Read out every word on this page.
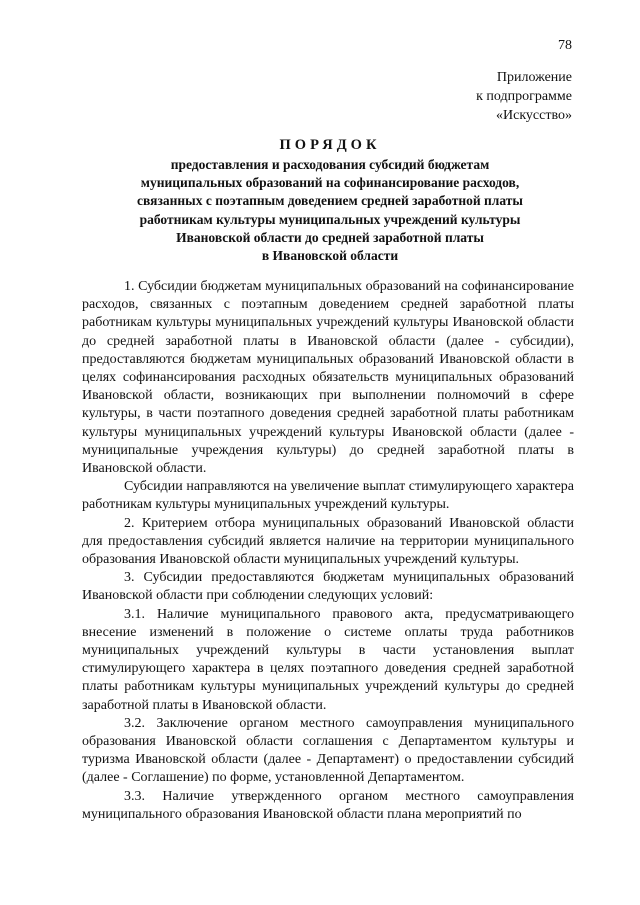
78
Приложение
к подпрограмме
«Искусство»
ПОРЯДОК
предоставления и расходования субсидий бюджетам
муниципальных образований на софинансирование расходов,
связанных с поэтапным доведением средней заработной платы
работникам культуры муниципальных учреждений культуры
Ивановской области до средней заработной платы
в Ивановской области

1. Субсидии бюджетам муниципальных образований на софинансирование расходов, связанных с поэтапным доведением средней заработной платы работникам культуры муниципальных учреждений культуры Ивановской области до средней заработной платы в Ивановской области (далее - субсидии), предоставляются бюджетам муниципальных образований Ивановской области в целях софинансирования расходных обязательств муниципальных образований Ивановской области, возникающих при выполнении полномочий в сфере культуры, в части поэтапного доведения средней заработной платы работникам культуры муниципальных учреждений культуры Ивановской области (далее - муниципальные учреждения культуры) до средней заработной платы в Ивановской области.

Субсидии направляются на увеличение выплат стимулирующего характера работникам культуры муниципальных учреждений культуры.

2. Критерием отбора муниципальных образований Ивановской области для предоставления субсидий является наличие на территории муниципального образования Ивановской области муниципальных учреждений культуры.

3. Субсидии предоставляются бюджетам муниципальных образований Ивановской области при соблюдении следующих условий:

3.1. Наличие муниципального правового акта, предусматривающего внесение изменений в положение о системе оплаты труда работников муниципальных учреждений культуры в части установления выплат стимулирующего характера в целях поэтапного доведения средней заработной платы работникам культуры муниципальных учреждений культуры до средней заработной платы в Ивановской области.

3.2. Заключение органом местного самоуправления муниципального образования Ивановской области соглашения с Департаментом культуры и туризма Ивановской области (далее - Департамент) о предоставлении субсидий (далее - Соглашение) по форме, установленной Департаментом.

3.3. Наличие утвержденного органом местного самоуправления муниципального образования Ивановской области плана мероприятий по
